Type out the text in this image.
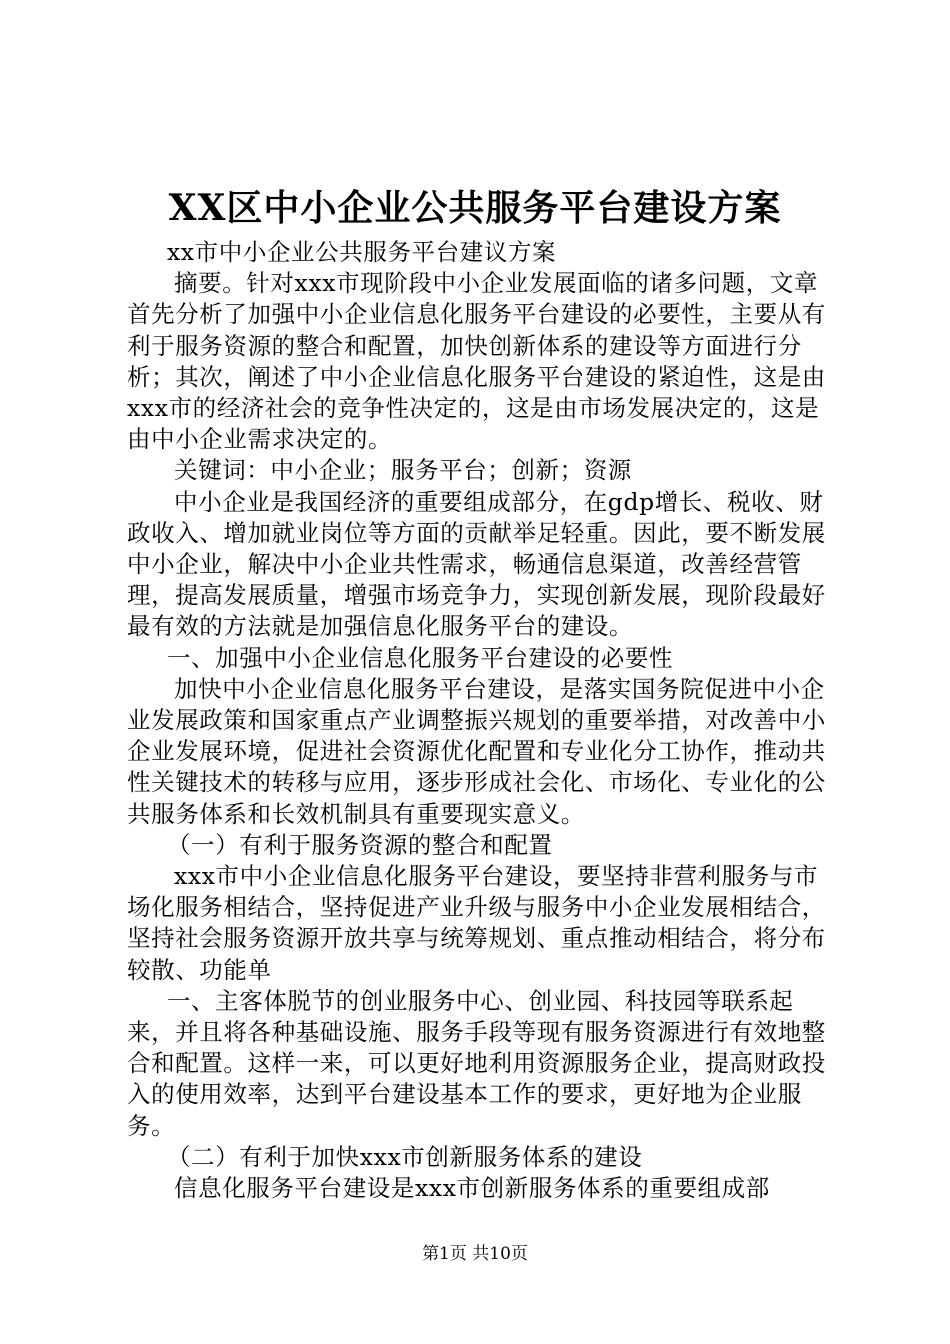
XX区中小企业公共服务平台建设方案

xx市中小企业公共服务平台建议方案

摘要。针对xxx市现阶段中小企业发展面临的诸多问题，文章首先分析了加强中小企业信息化服务平台建设的必要性，主要从有利于服务资源的整合和配置，加快创新体系的建设等方面进行分析；其次，阐述了中小企业信息化服务平台建设的紧迫性，这是由xxx市的经济社会的竞争性决定的，这是由市场发展决定的，这是由中小企业需求决定的。

关键词：中小企业；服务平台；创新；资源

中小企业是我国经济的重要组成部分，在gdp增长、税收、财政收入、增加就业岗位等方面的贡献举足轻重。因此，要不断发展中小企业，解决中小企业共性需求，畅通信息渠道，改善经营管理，提高发展质量，增强市场竞争力，实现创新发展，现阶段最好最有效的方法就是加强信息化服务平台的建设。

一、加强中小企业信息化服务平台建设的必要性

加快中小企业信息化服务平台建设，是落实国务院促进中小企业发展政策和国家重点产业调整振兴规划的重要举措，对改善中小企业发展环境，促进社会资源优化配置和专业化分工协作，推动共性关键技术的转移与应用，逐步形成社会化、市场化、专业化的公共服务体系和长效机制具有重要现实意义。

（一）有利于服务资源的整合和配置

xxx市中小企业信息化服务平台建设，要坚持非营利服务与市场化服务相结合，坚持促进产业升级与服务中小企业发展相结合，坚持社会服务资源开放共享与统筹规划、重点推动相结合，将分布较散、功能单

一、主客体脱节的创业服务中心、创业园、科技园等联系起来，并且将各种基础设施、服务手段等现有服务资源进行有效地整合和配置。这样一来，可以更好地利用资源服务企业，提高财政投入的使用效率，达到平台建设基本工作的要求，更好地为企业服务。

（二）有利于加快xxx市创新服务体系的建设

信息化服务平台建设是xxx市创新服务体系的重要组成部

第1页 共10页
